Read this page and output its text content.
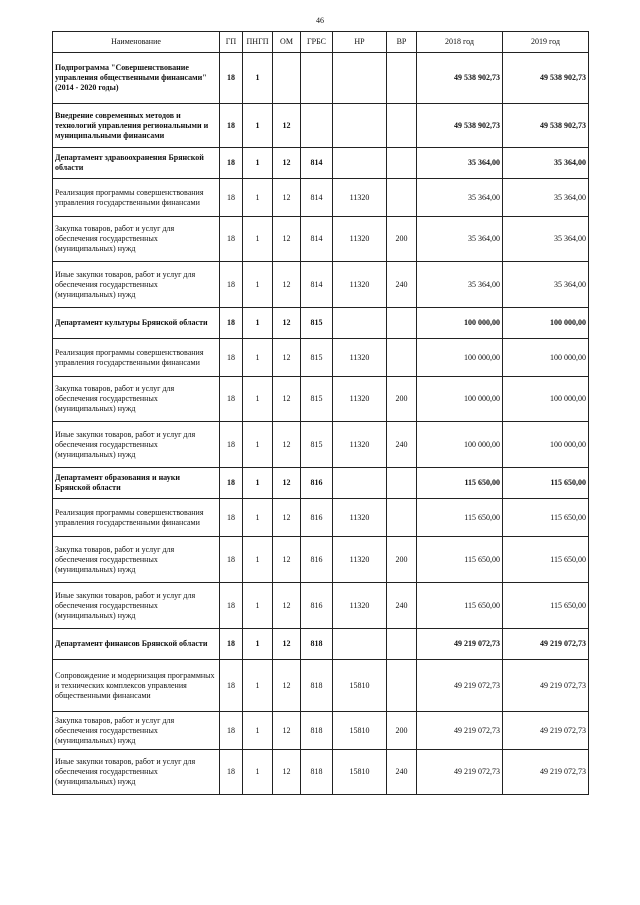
46
Наименование	ГП	ПНГП	ОМ	ГРБС	НР	ВР	2018 год	2019 год
Подпрограмма "Совершенствование управления общественными финансами" (2014 - 2020 годы)	18	1					49 538 902,73	49 538 902,73
Внедрение современных методов и технологий управления региональными и муниципальными финансами	18	1	12				49 538 902,73	49 538 902,73
Департамент здравоохранения Брянской области	18	1	12	814			35 364,00	35 364,00
Реализация программы совершенствования управления государственными финансами	18	1	12	814	11320		35 364,00	35 364,00
Закупка товаров, работ и услуг для обеспечения государственных (муниципальных) нужд	18	1	12	814	11320	200	35 364,00	35 364,00
Иные закупки товаров, работ и услуг для обеспечения государственных (муниципальных) нужд	18	1	12	814	11320	240	35 364,00	35 364,00
Департамент культуры Брянской области	18	1	12	815			100 000,00	100 000,00
Реализация программы совершенствования управления государственными финансами	18	1	12	815	11320		100 000,00	100 000,00
Закупка товаров, работ и услуг для обеспечения государственных (муниципальных) нужд	18	1	12	815	11320	200	100 000,00	100 000,00
Иные закупки товаров, работ и услуг для обеспечения государственных (муниципальных) нужд	18	1	12	815	11320	240	100 000,00	100 000,00
Департамент образования и науки Брянской области	18	1	12	816			115 650,00	115 650,00
Реализация программы совершенствования управления государственными финансами	18	1	12	816	11320		115 650,00	115 650,00
Закупка товаров, работ и услуг для обеспечения государственных (муниципальных) нужд	18	1	12	816	11320	200	115 650,00	115 650,00
Иные закупки товаров, работ и услуг для обеспечения государственных (муниципальных) нужд	18	1	12	816	11320	240	115 650,00	115 650,00
Департамент финансов Брянской области	18	1	12	818			49 219 072,73	49 219 072,73
Сопровождение и модернизация программных и технических комплексов управления общественными финансами	18	1	12	818	15810		49 219 072,73	49 219 072,73
Закупка товаров, работ и услуг для обеспечения государственных (муниципальных) нужд	18	1	12	818	15810	200	49 219 072,73	49 219 072,73
Иные закупки товаров, работ и услуг для обеспечения государственных (муниципальных) нужд	18	1	12	818	15810	240	49 219 072,73	49 219 072,73
